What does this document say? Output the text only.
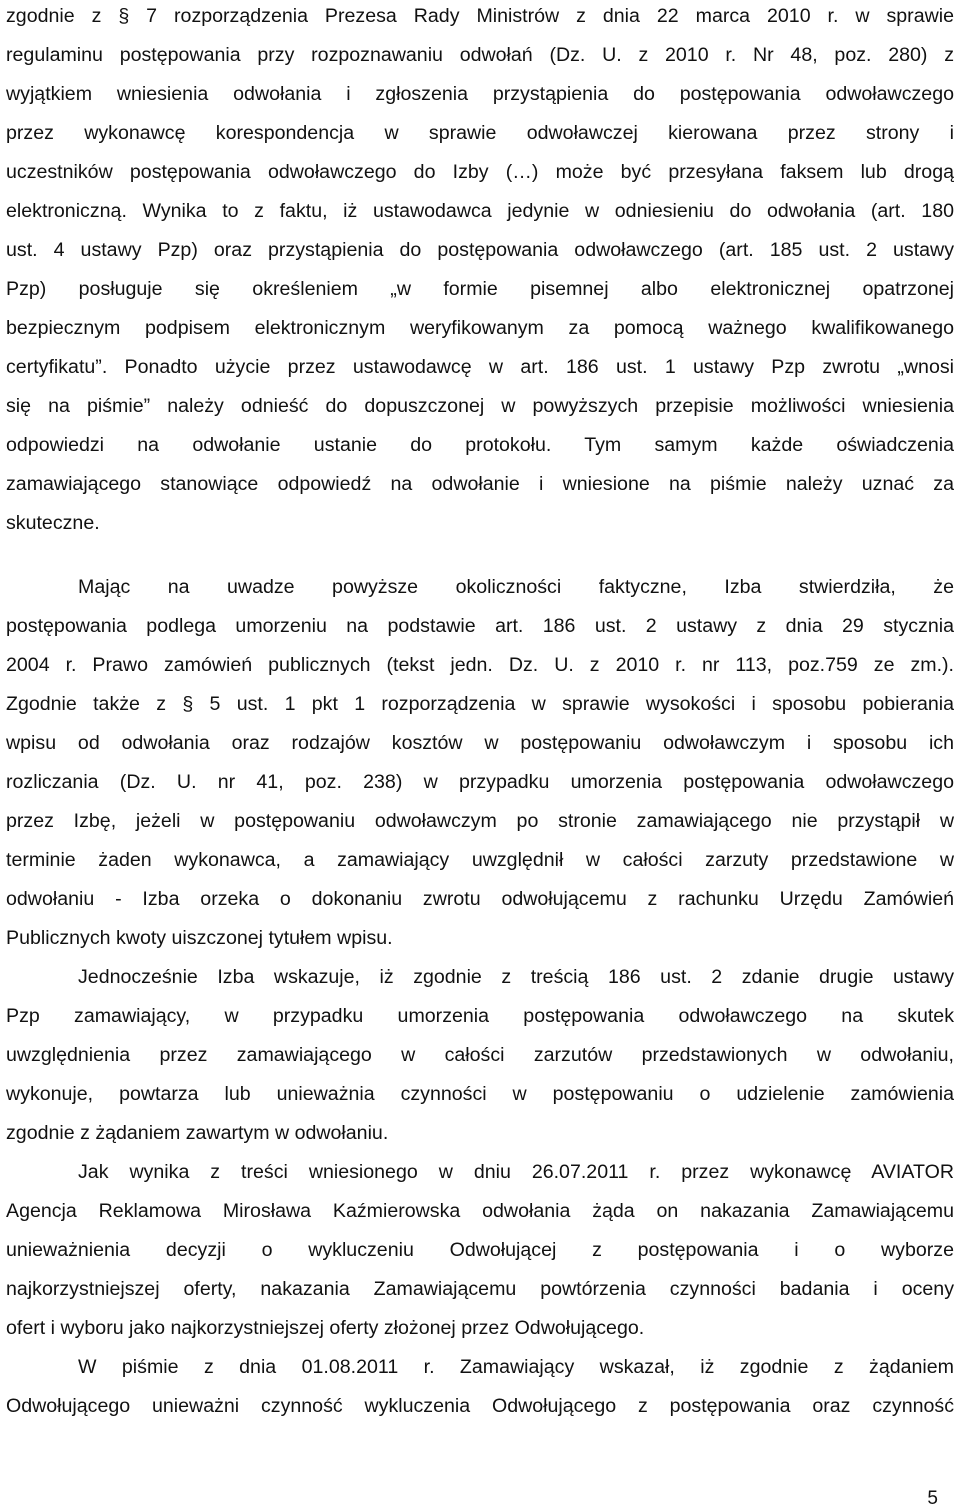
zgodnie z § 7 rozporządzenia Prezesa Rady Ministrów z dnia 22 marca 2010 r. w sprawie
regulaminu postępowania przy rozpoznawaniu odwołań (Dz. U. z 2010 r. Nr 48, poz. 280) z
wyjątkiem wniesienia odwołania i zgłoszenia przystąpienia do postępowania odwoławczego
przez wykonawcę korespondencja w sprawie odwoławczej kierowana przez strony i
uczestników postępowania odwoławczego do Izby (…) może być przesyłana faksem lub drogą
elektroniczną. Wynika to z faktu, iż ustawodawca jedynie w odniesieniu do odwołania (art. 180
ust. 4 ustawy Pzp) oraz przystąpienia do postępowania odwoławczego (art. 185 ust. 2 ustawy
Pzp) posługuje się określeniem „w formie pisemnej albo elektronicznej opatrzonej
bezpiecznym podpisem elektronicznym weryfikowanym za pomocą ważnego kwalifikowanego
certyfikatu”. Ponadto użycie przez ustawodawcę w art. 186 ust. 1 ustawy Pzp zwrotu „wnosi
się na piśmie” należy odnieść do dopuszczonej w powyższych przepisie możliwości wniesienia
odpowiedzi na odwołanie ustanie do protokołu. Tym samym każde oświadczenia
zamawiającego stanowiące odpowiedź na odwołanie i wniesione na piśmie należy uznać za
skuteczne.
Mając na uwadze powyższe okoliczności faktyczne, Izba stwierdziła, że
postępowania podlega umorzeniu na podstawie art. 186 ust. 2 ustawy z dnia 29 stycznia
2004 r. Prawo zamówień publicznych (tekst jedn. Dz. U. z 2010 r. nr 113, poz.759 ze zm.).
Zgodnie także z § 5 ust. 1 pkt 1 rozporządzenia w sprawie wysokości i sposobu pobierania
wpisu od odwołania oraz rodzajów kosztów w postępowaniu odwoławczym i sposobu ich
rozliczania (Dz. U. nr 41, poz. 238) w przypadku umorzenia postępowania odwoławczego
przez Izbę, jeżeli w postępowaniu odwoławczym po stronie zamawiającego nie przystąpił w
terminie żaden wykonawca, a zamawiający uwzględnił w całości zarzuty przedstawione w
odwołaniu - Izba orzeka o dokonaniu zwrotu odwołującemu z rachunku Urzędu Zamówień
Publicznych kwoty uiszczonej tytułem wpisu.
Jednocześnie Izba wskazuje, iż zgodnie z treścią 186 ust. 2 zdanie drugie ustawy
Pzp zamawiający, w przypadku umorzenia postępowania odwoławczego na skutek
uwzględnienia przez zamawiającego w całości zarzutów przedstawionych w odwołaniu,
wykonuje, powtarza lub unieważnia czynności w postępowaniu o udzielenie zamówienia
zgodnie z żądaniem zawartym w odwołaniu.
Jak wynika z treści wniesionego w dniu 26.07.2011 r. przez wykonawcę AVIATOR
Agencja Reklamowa Mirosława Kaźmierowska odwołania żąda on nakazania Zamawiającemu
unieważnienia decyzji o wykluczeniu Odwołującej z postępowania i o wyborze
najkorzystniejszej oferty, nakazania Zamawiającemu powtórzenia czynności badania i oceny
ofert i wyboru jako najkorzystniejszej oferty złożonej przez Odwołującego.
W piśmie z dnia 01.08.2011 r. Zamawiający wskazał, iż zgodnie z żądaniem
Odwołującego unieważni czynność wykluczenia Odwołującego z postępowania oraz czynność
5
